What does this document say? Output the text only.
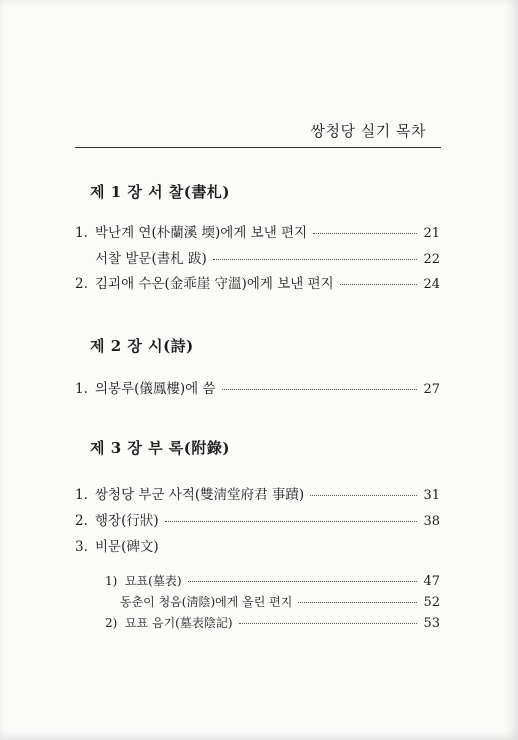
쌍청당 실기 목차
제 1 장 서 찰(書札)
1. 박난계 연(朴蘭溪 堧)에게 보낸 편지	21
서찰 발문(書札 跋)	22
2. 김괴애 수온(金乖崖 守溫)에게 보낸 편지	24
제 2 장 시(詩)
1. 의봉루(儀鳳樓)에 씀	27
제 3 장 부 록(附錄)
1. 쌍청당 부군 사적(雙淸堂府君 事蹟)	31
2. 행장(行狀)	38
3. 비문(碑文)
1) 묘표(墓表)	47
동춘이 청음(淸陰)에게 올린 편지	52
2) 묘표 음기(墓表陰記)	53
